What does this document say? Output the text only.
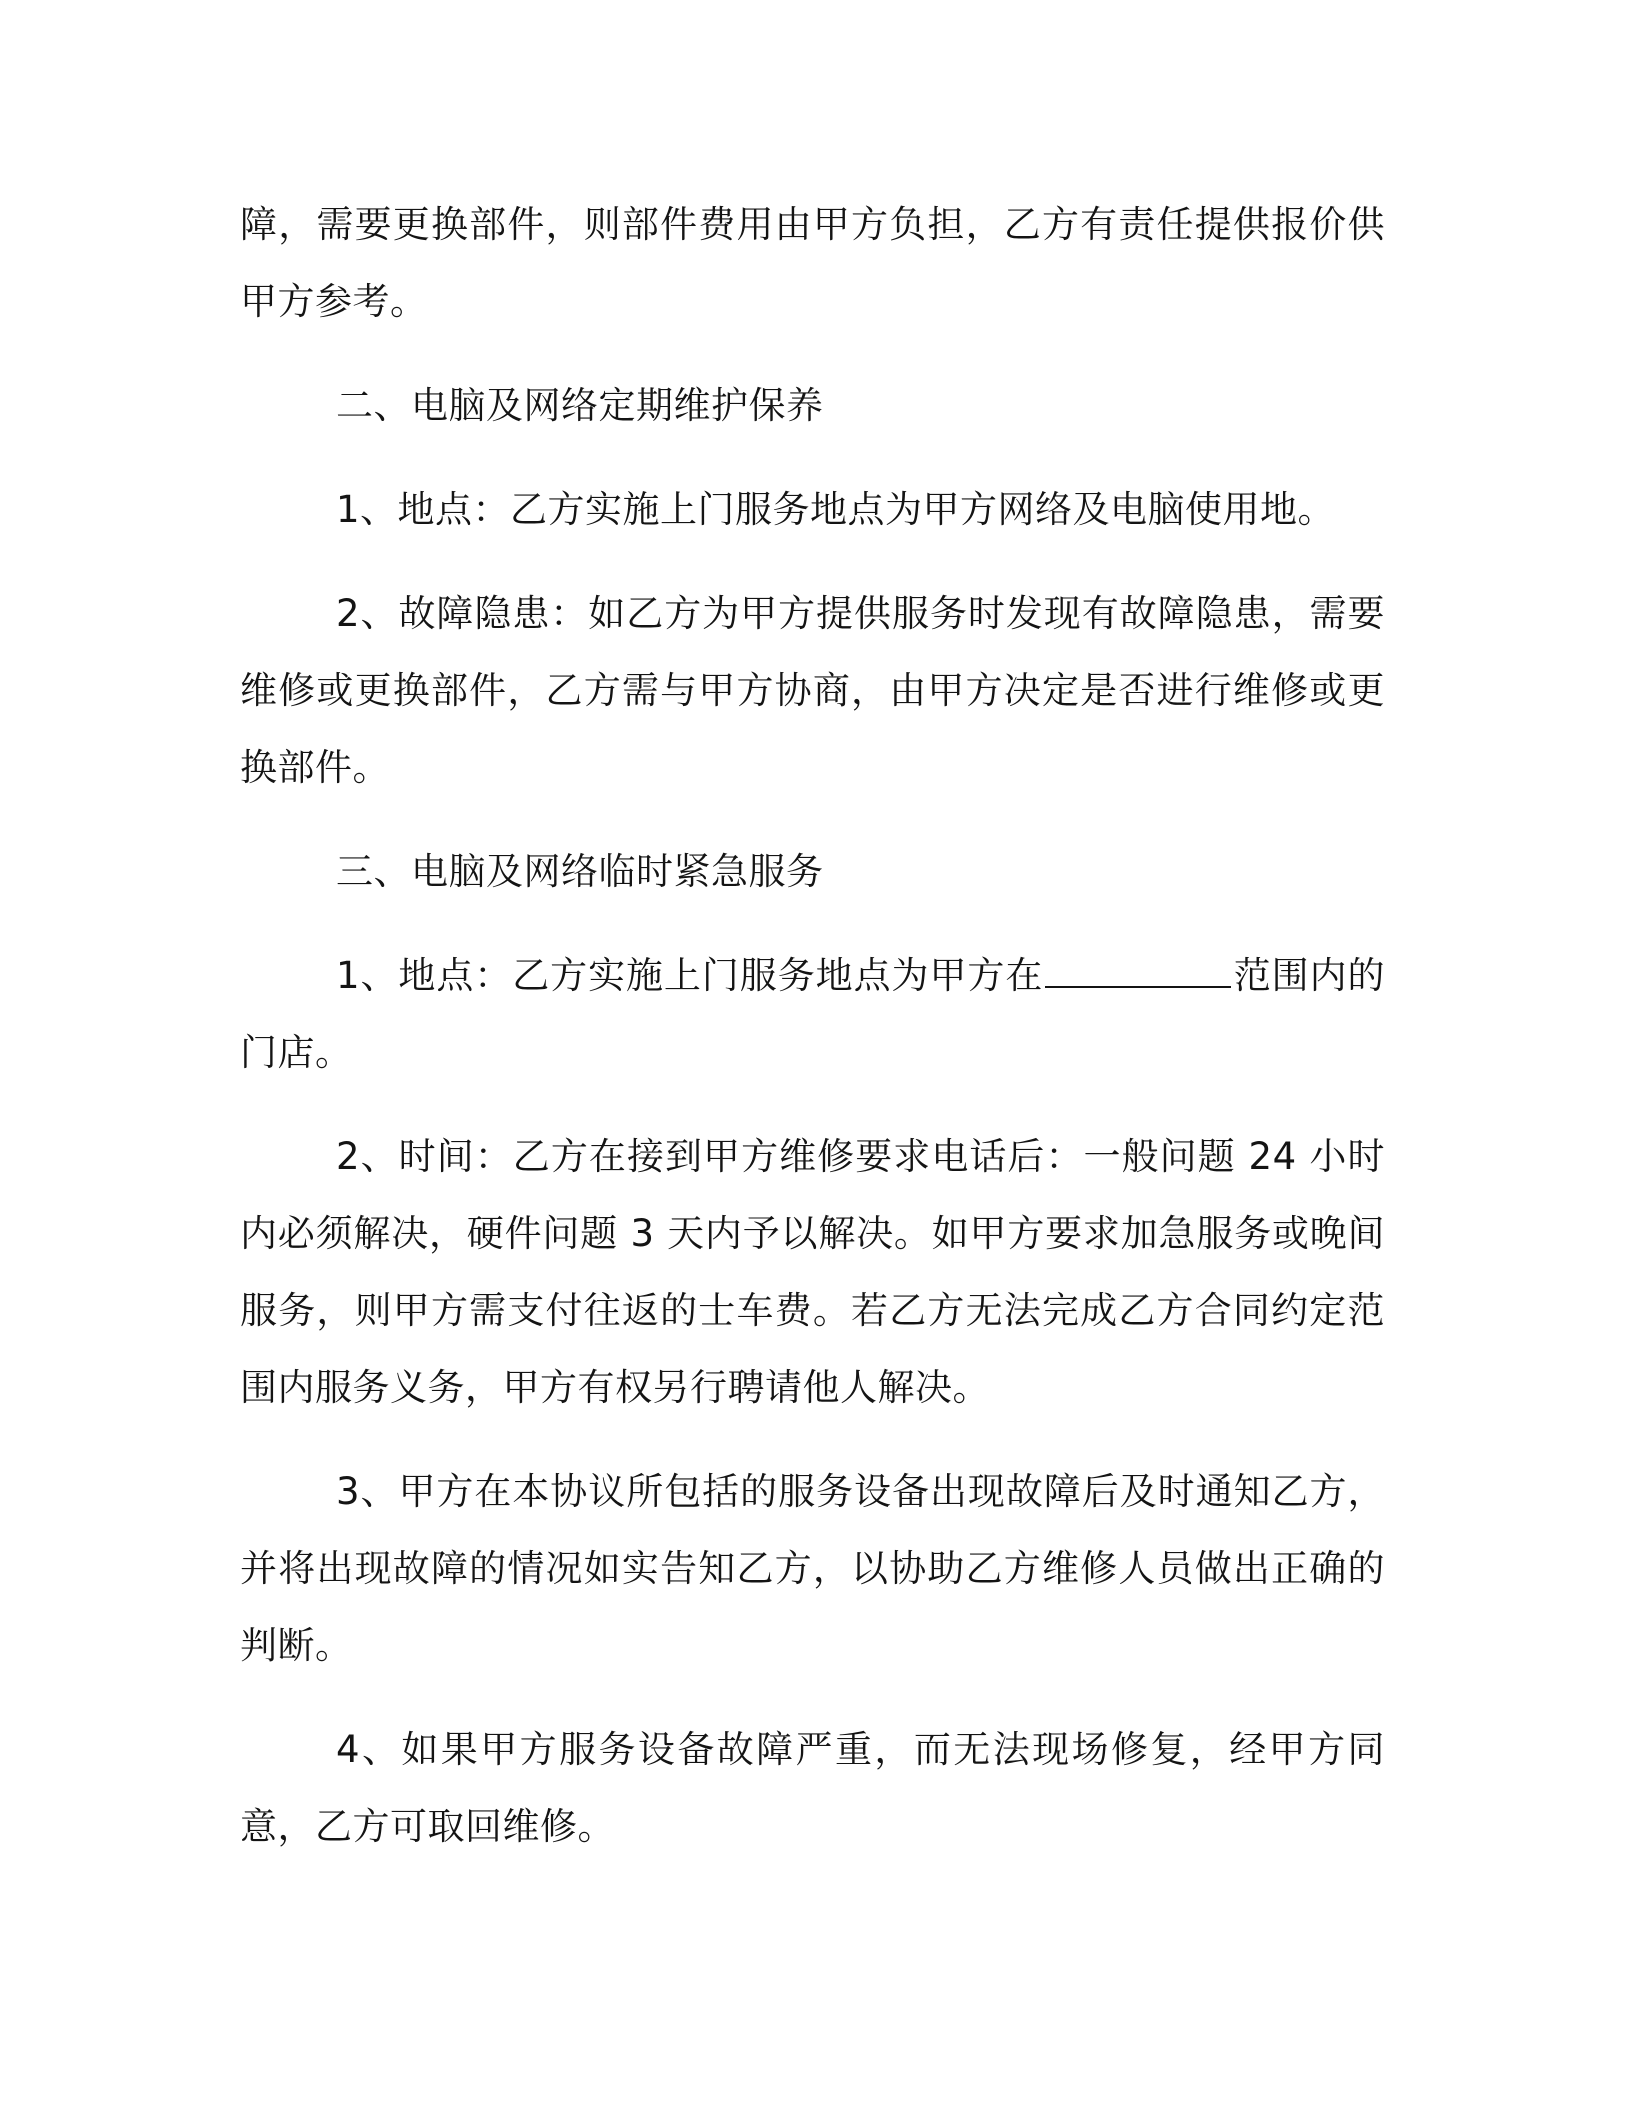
障，需要更换部件，则部件费用由甲方负担，乙方有责任提供报价供甲方参考。

二、电脑及网络定期维护保养

1、地点：乙方实施上门服务地点为甲方网络及电脑使用地。

2、故障隐患：如乙方为甲方提供服务时发现有故障隐患，需要维修或更换部件，乙方需与甲方协商，由甲方决定是否进行维修或更换部件。

三、电脑及网络临时紧急服务

1、地点：乙方实施上门服务地点为甲方在	范围内的门店。

2、时间：乙方在接到甲方维修要求电话后：一般问题 24 小时内必须解决，硬件问题 3 天内予以解决。如甲方要求加急服务或晚间服务，则甲方需支付往返的士车费。若乙方无法完成乙方合同约定范围内服务义务，甲方有权另行聘请他人解决。

3、甲方在本协议所包括的服务设备出现故障后及时通知乙方，并将出现故障的情况如实告知乙方，以协助乙方维修人员做出正确的判断。

4、如果甲方服务设备故障严重，而无法现场修复，经甲方同意，乙方可取回维修。
